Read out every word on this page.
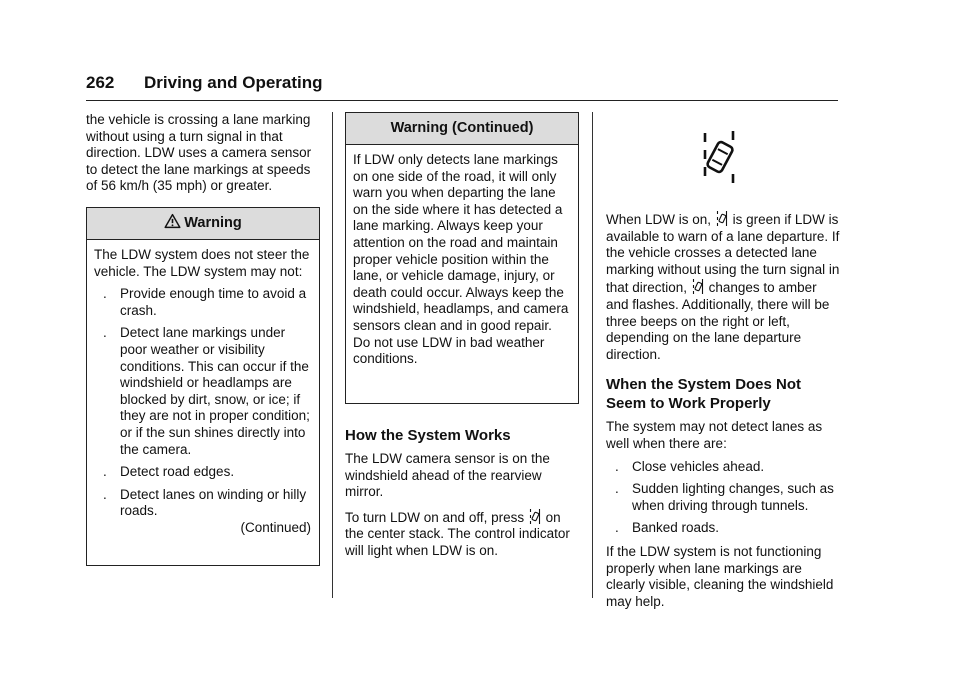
262 Driving and Operating

the vehicle is crossing a lane marking without using a turn signal in that direction. LDW uses a camera sensor to detect the lane markings at speeds of 56 km/h (35 mph) or greater.

Warning

The LDW system does not steer the vehicle. The LDW system may not:

. Provide enough time to avoid a crash.
. Detect lane markings under poor weather or visibility conditions. This can occur if the windshield or headlamps are blocked by dirt, snow, or ice; if they are not in proper condition; or if the sun shines directly into the camera.
. Detect road edges.
. Detect lanes on winding or hilly roads.

(Continued)

Warning (Continued)

If LDW only detects lane markings on one side of the road, it will only warn you when departing the lane on the side where it has detected a lane marking. Always keep your attention on the road and maintain proper vehicle position within the lane, or vehicle damage, injury, or death could occur. Always keep the windshield, headlamps, and camera sensors clean and in good repair. Do not use LDW in bad weather conditions.

How the System Works

The LDW camera sensor is on the windshield ahead of the rearview mirror.

To turn LDW on and off, press on the center stack. The control indicator will light when LDW is on.

When LDW is on, is green if LDW is available to warn of a lane departure. If the vehicle crosses a detected lane marking without using the turn signal in that direction, changes to amber and flashes. Additionally, there will be three beeps on the right or left, depending on the lane departure direction.

When the System Does Not Seem to Work Properly

The system may not detect lanes as well when there are:

. Close vehicles ahead.
. Sudden lighting changes, such as when driving through tunnels.
. Banked roads.

If the LDW system is not functioning properly when lane markings are clearly visible, cleaning the windshield may help.
